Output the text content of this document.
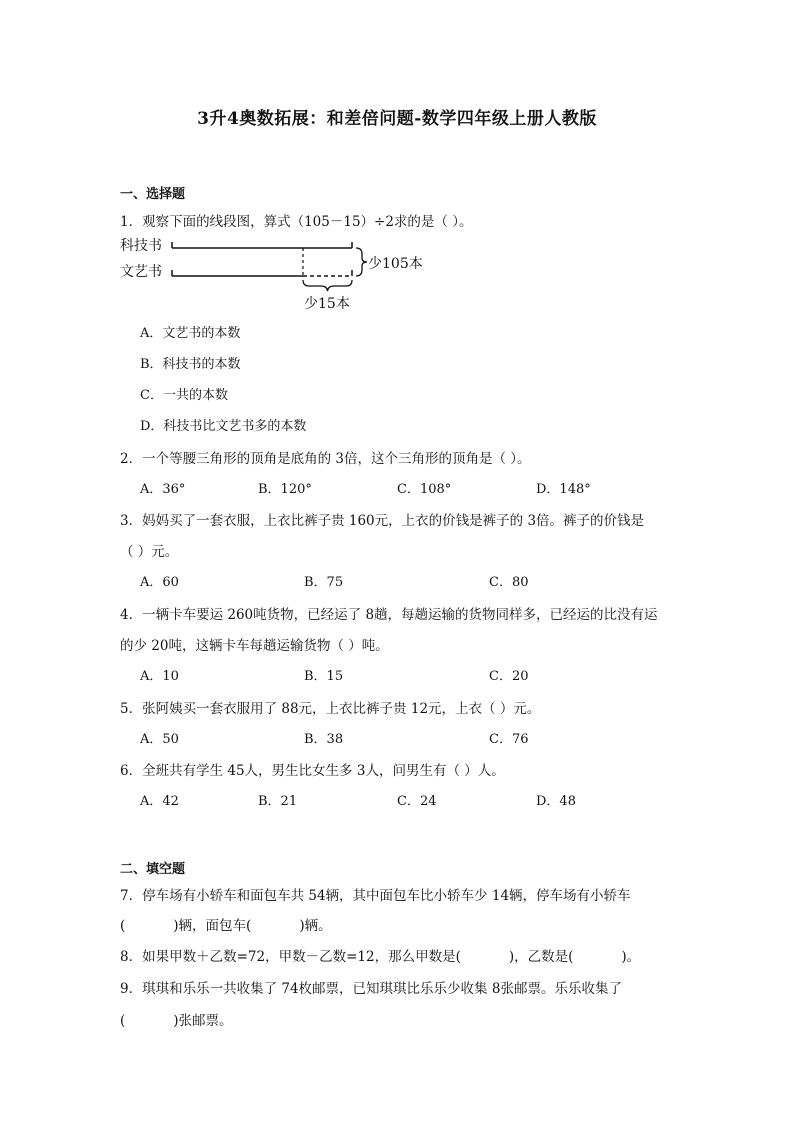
3升4奥数拓展：和差倍问题-数学四年级上册人教版
一、选择题
1．观察下面的线段图，算式（105－15）÷2求的是（ ）。
科技书
文艺书	少105本
少15本
A．文艺书的本数
B．科技书的本数
C．一共的本数
D．科技书比文艺书多的本数
2．一个等腰三角形的顶角是底角的 3倍，这个三角形的顶角是（ ）。
A．36°	B．120°	C．108°	D．148°
3．妈妈买了一套衣服，上衣比裤子贵 160元，上衣的价钱是裤子的 3倍。裤子的价钱是
（ ）元。
A．60	B．75	C．80
4．一辆卡车要运 260吨货物，已经运了 8趟，每趟运输的货物同样多，已经运的比没有运
的少 20吨，这辆卡车每趟运输货物（ ）吨。
A．10	B．15	C．20
5．张阿姨买一套衣服用了 88元，上衣比裤子贵 12元，上衣（ ）元。
A．50	B．38	C．76
6．全班共有学生 45人，男生比女生多 3人，问男生有（ ）人。
A．42	B．21	C．24	D．48
二、填空题
7．停车场有小轿车和面包车共 54辆，其中面包车比小轿车少 14辆，停车场有小轿车
(	)辆，面包车(	)辆。
8．如果甲数＋乙数=72，甲数－乙数=12，那么甲数是(	)，乙数是(	)。
9．琪琪和乐乐一共收集了 74枚邮票，已知琪琪比乐乐少收集 8张邮票。乐乐收集了
(	)张邮票。
